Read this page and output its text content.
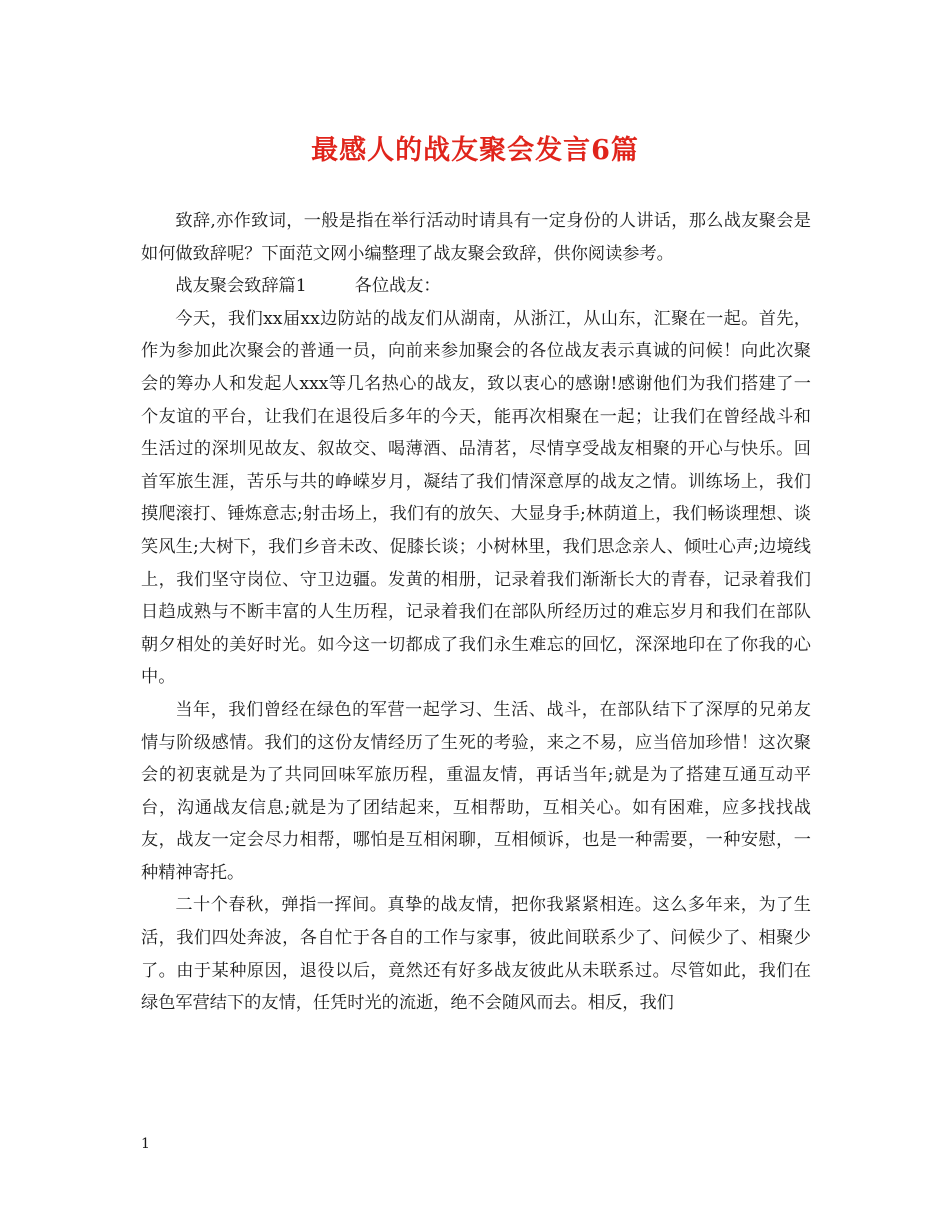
最感人的战友聚会发言6篇

致辞,亦作致词，一般是指在举行活动时请具有一定身份的人讲话，那么战友聚会是如何做致辞呢？下面范文网小编整理了战友聚会致辞，供你阅读参考。

战友聚会致辞篇1	各位战友：

今天，我们xx届xx边防站的战友们从湖南，从浙江，从山东，汇聚在一起。首先，作为参加此次聚会的普通一员，向前来参加聚会的各位战友表示真诚的问候！向此次聚会的筹办人和发起人xxx等几名热心的战友，致以衷心的感谢!感谢他们为我们搭建了一个友谊的平台，让我们在退役后多年的今天，能再次相聚在一起；让我们在曾经战斗和生活过的深圳见故友、叙故交、喝薄酒、品清茗，尽情享受战友相聚的开心与快乐。回首军旅生涯，苦乐与共的峥嵘岁月，凝结了我们情深意厚的战友之情。训练场上，我们摸爬滚打、锤炼意志;射击场上，我们有的放矢、大显身手;林荫道上，我们畅谈理想、谈笑风生;大树下，我们乡音未改、促膝长谈；小树林里，我们思念亲人、倾吐心声;边境线上，我们坚守岗位、守卫边疆。发黄的相册，记录着我们渐渐长大的青春，记录着我们日趋成熟与不断丰富的人生历程，记录着我们在部队所经历过的难忘岁月和我们在部队朝夕相处的美好时光。如今这一切都成了我们永生难忘的回忆，深深地印在了你我的心中。

当年，我们曾经在绿色的军营一起学习、生活、战斗，在部队结下了深厚的兄弟友情与阶级感情。我们的这份友情经历了生死的考验，来之不易，应当倍加珍惜！这次聚会的初衷就是为了共同回味军旅历程，重温友情，再话当年;就是为了搭建互通互动平台，沟通战友信息;就是为了团结起来，互相帮助，互相关心。如有困难，应多找找战友，战友一定会尽力相帮，哪怕是互相闲聊，互相倾诉，也是一种需要，一种安慰，一种精神寄托。

二十个春秋，弹指一挥间。真挚的战友情，把你我紧紧相连。这么多年来，为了生活，我们四处奔波，各自忙于各自的工作与家事，彼此间联系少了、问候少了、相聚少了。由于某种原因，退役以后，竟然还有好多战友彼此从未联系过。尽管如此，我们在绿色军营结下的友情，任凭时光的流逝，绝不会随风而去。相反，我们

1
